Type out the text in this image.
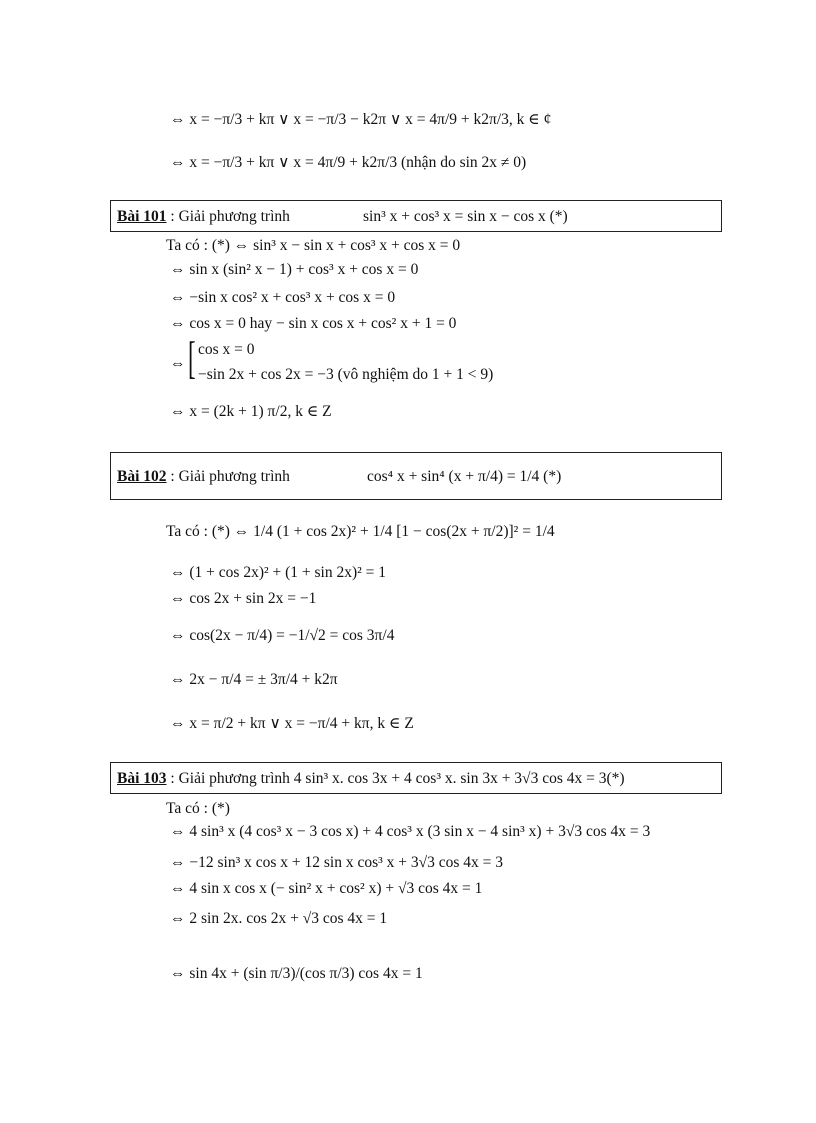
⇔ x = −π/3 + kπ ∨ x = −π/3 − k2π ∨ x = 4π/9 + k2π/3, k ∈ ¢
⇔ x = −π/3 + kπ ∨ x = 4π/9 + k2π/3 (nhận do sin 2x ≠ 0)
Bài 101 : Giải phương trình	sin³ x + cos³ x = sin x − cos x (*)
Ta có : (*) ⇔ sin³ x − sin x + cos³ x + cos x = 0
⇔ sin x (sin² x − 1) + cos³ x + cos x = 0
⇔ −sin x cos² x + cos³ x + cos x = 0
⇔ cos x = 0 hay − sin x cos x + cos² x + 1 = 0
⇔ [ cos x = 0
−sin 2x + cos 2x = −3 (vô nghiệm do 1 + 1 < 9)
⇔ x = (2k + 1) π/2, k ∈ Z
Bài 102 : Giải phương trình	cos⁴ x + sin⁴ (x + π/4) = 1/4 (*)
Ta có : (*) ⇔ 1/4 (1 + cos 2x)² + 1/4 [1 − cos(2x + π/2)]² = 1/4
⇔ (1 + cos 2x)² + (1 + sin 2x)² = 1
⇔ cos 2x + sin 2x = −1
⇔ cos(2x − π/4) = −1/√2 = cos 3π/4
⇔ 2x − π/4 = ± 3π/4 + k2π
⇔ x = π/2 + kπ ∨ x = −π/4 + kπ, k ∈ Z
Bài 103 : Giải phương trình 4 sin³ x. cos 3x + 4 cos³ x. sin 3x + 3√3 cos 4x = 3(*)
Ta có : (*)
⇔ 4 sin³ x (4 cos³ x − 3 cos x) + 4 cos³ x (3 sin x − 4 sin³ x) + 3√3 cos 4x = 3
⇔ −12 sin³ x cos x + 12 sin x cos³ x + 3√3 cos 4x = 3
⇔ 4 sin x cos x (− sin² x + cos² x) + √3 cos 4x = 1
⇔ 2 sin 2x. cos 2x + √3 cos 4x = 1
⇔ sin 4x + (sin π/3)/(cos π/3) cos 4x = 1
